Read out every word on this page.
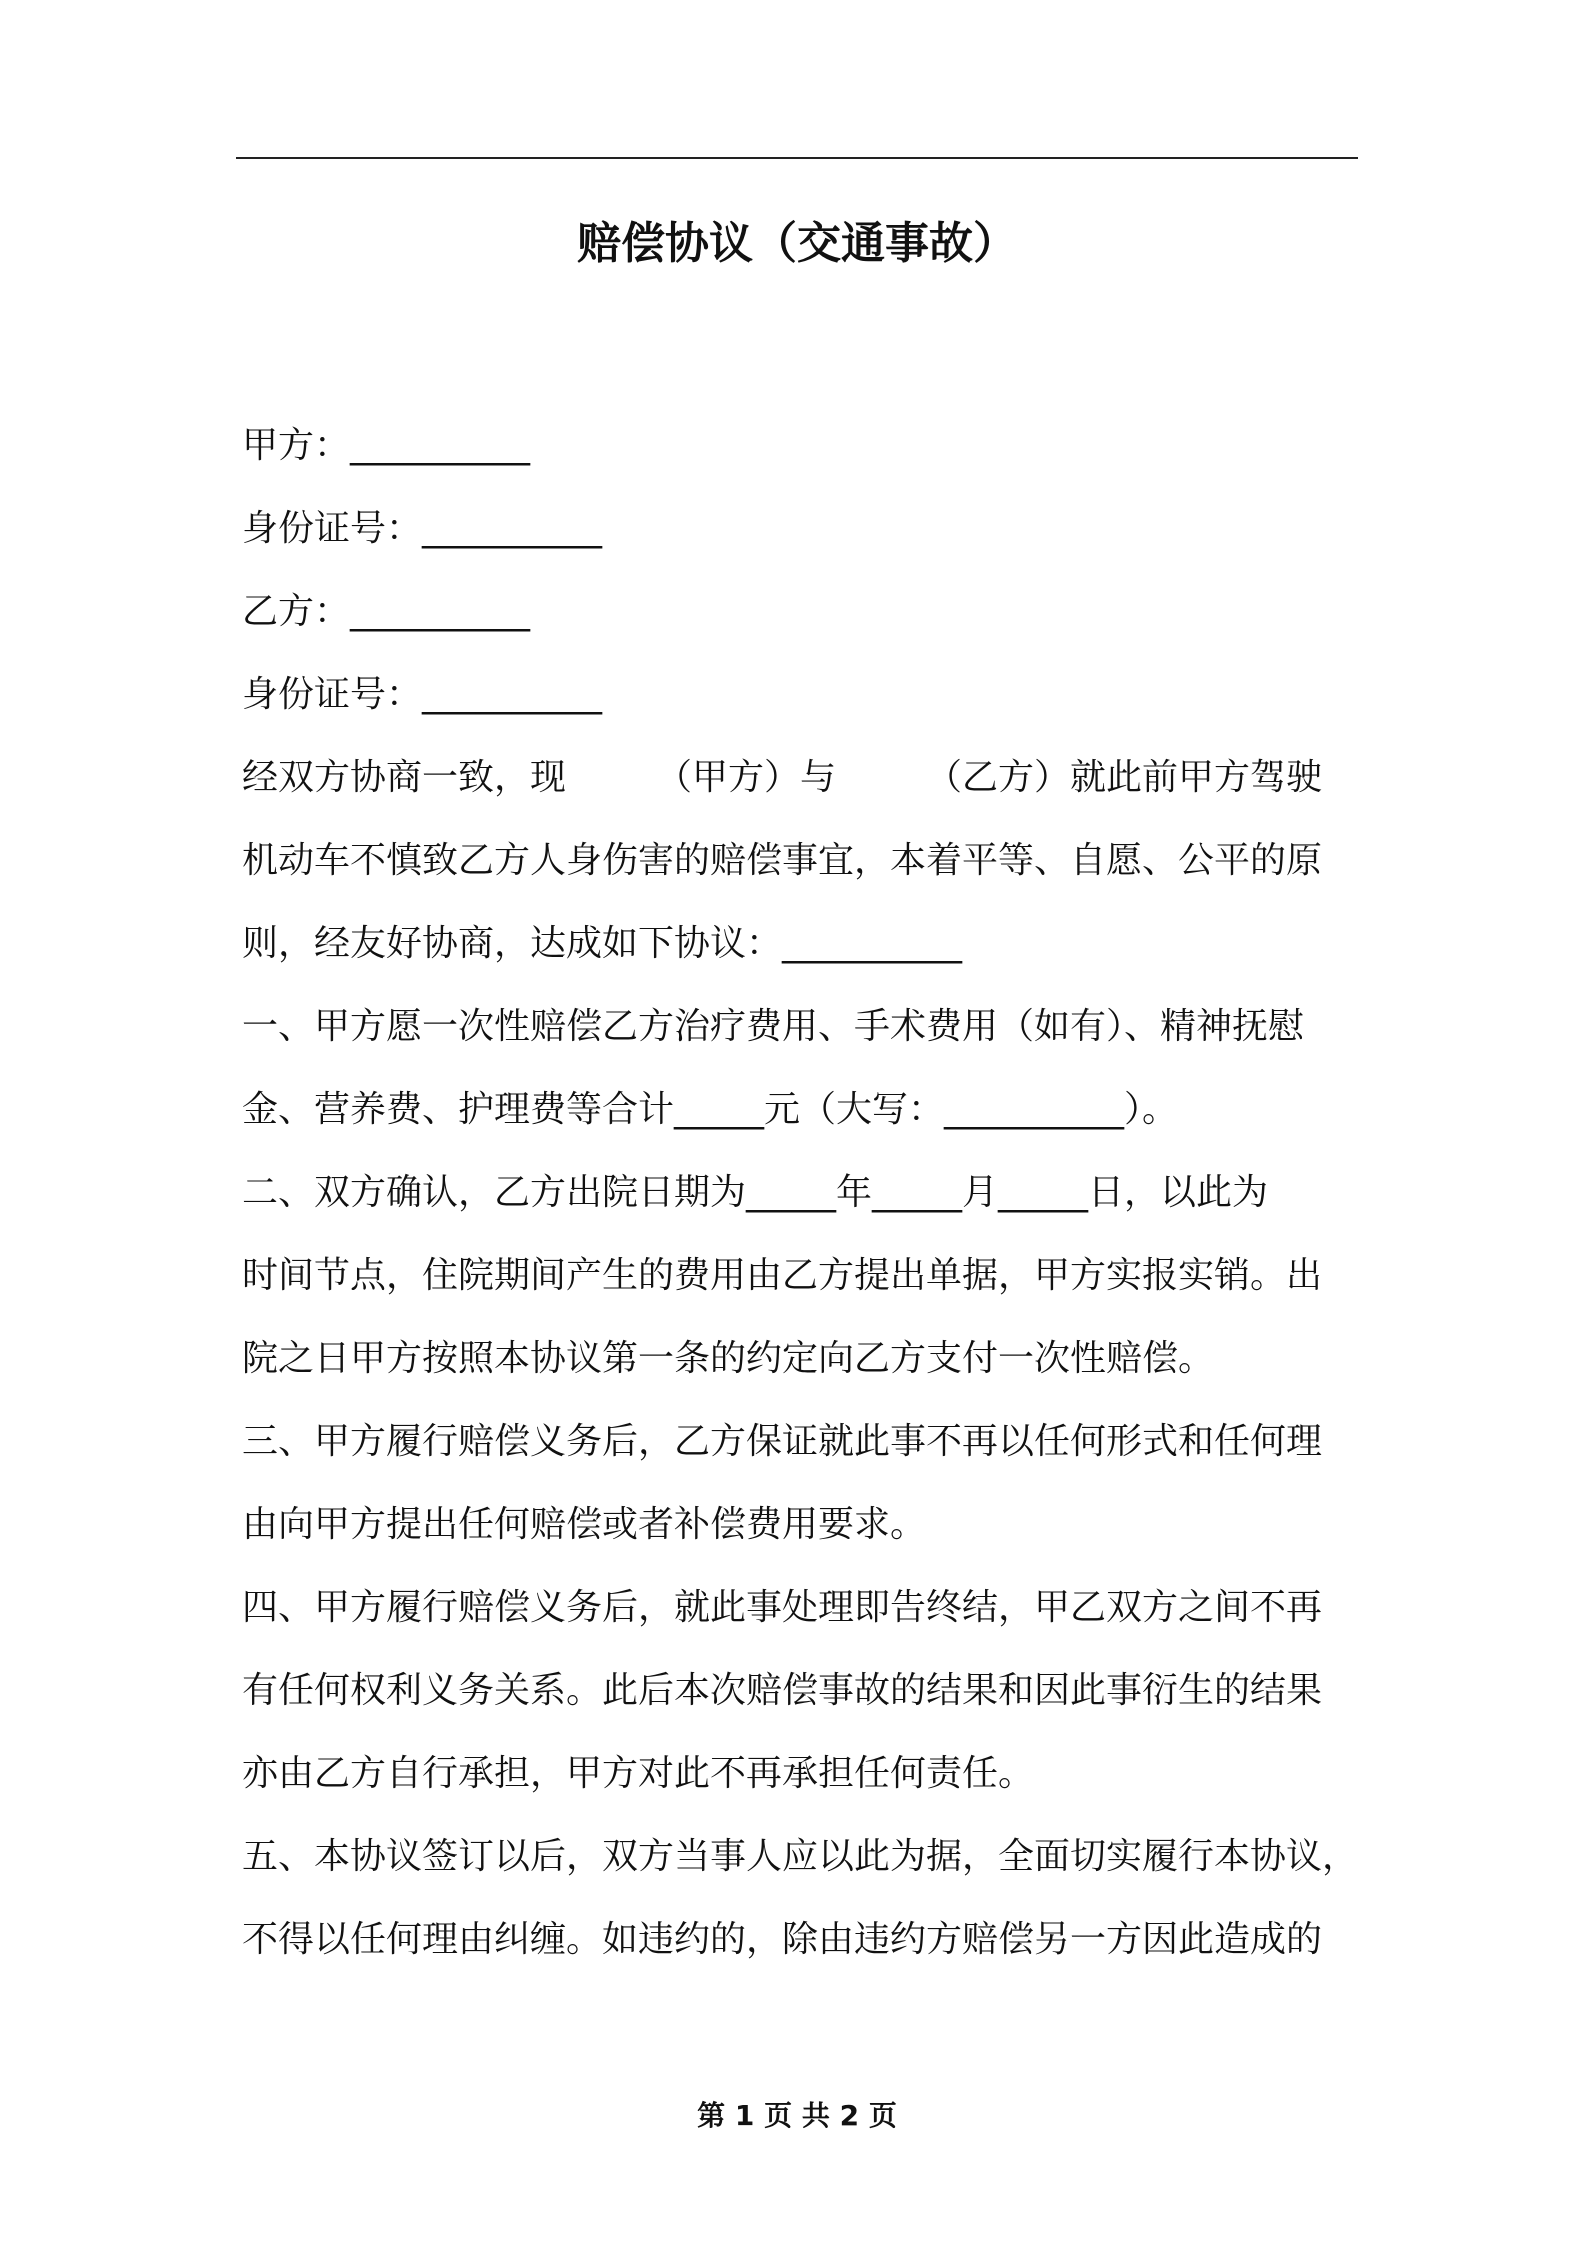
赔偿协议（交通事故）
甲方：__________
身份证号：__________
乙方：__________
身份证号：__________
经双方协商一致，现　　　（甲方）与　　　（乙方）就此前甲方驾驶
机动车不慎致乙方人身伤害的赔偿事宜，本着平等、自愿、公平的原
则，经友好协商，达成如下协议：__________
一、甲方愿一次性赔偿乙方治疗费用、手术费用（如有）、精神抚慰
金、营养费、护理费等合计_____元（大写：__________）。
二、双方确认，乙方出院日期为_____年_____月_____日，以此为
时间节点，住院期间产生的费用由乙方提出单据，甲方实报实销。出
院之日甲方按照本协议第一条的约定向乙方支付一次性赔偿。
三、甲方履行赔偿义务后，乙方保证就此事不再以任何形式和任何理
由向甲方提出任何赔偿或者补偿费用要求。
四、甲方履行赔偿义务后，就此事处理即告终结，甲乙双方之间不再
有任何权利义务关系。此后本次赔偿事故的结果和因此事衍生的结果
亦由乙方自行承担，甲方对此不再承担任何责任。
五、本协议签订以后，双方当事人应以此为据，全面切实履行本协议，
不得以任何理由纠缠。如违约的，除由违约方赔偿另一方因此造成的
第 1 页 共 2 页
